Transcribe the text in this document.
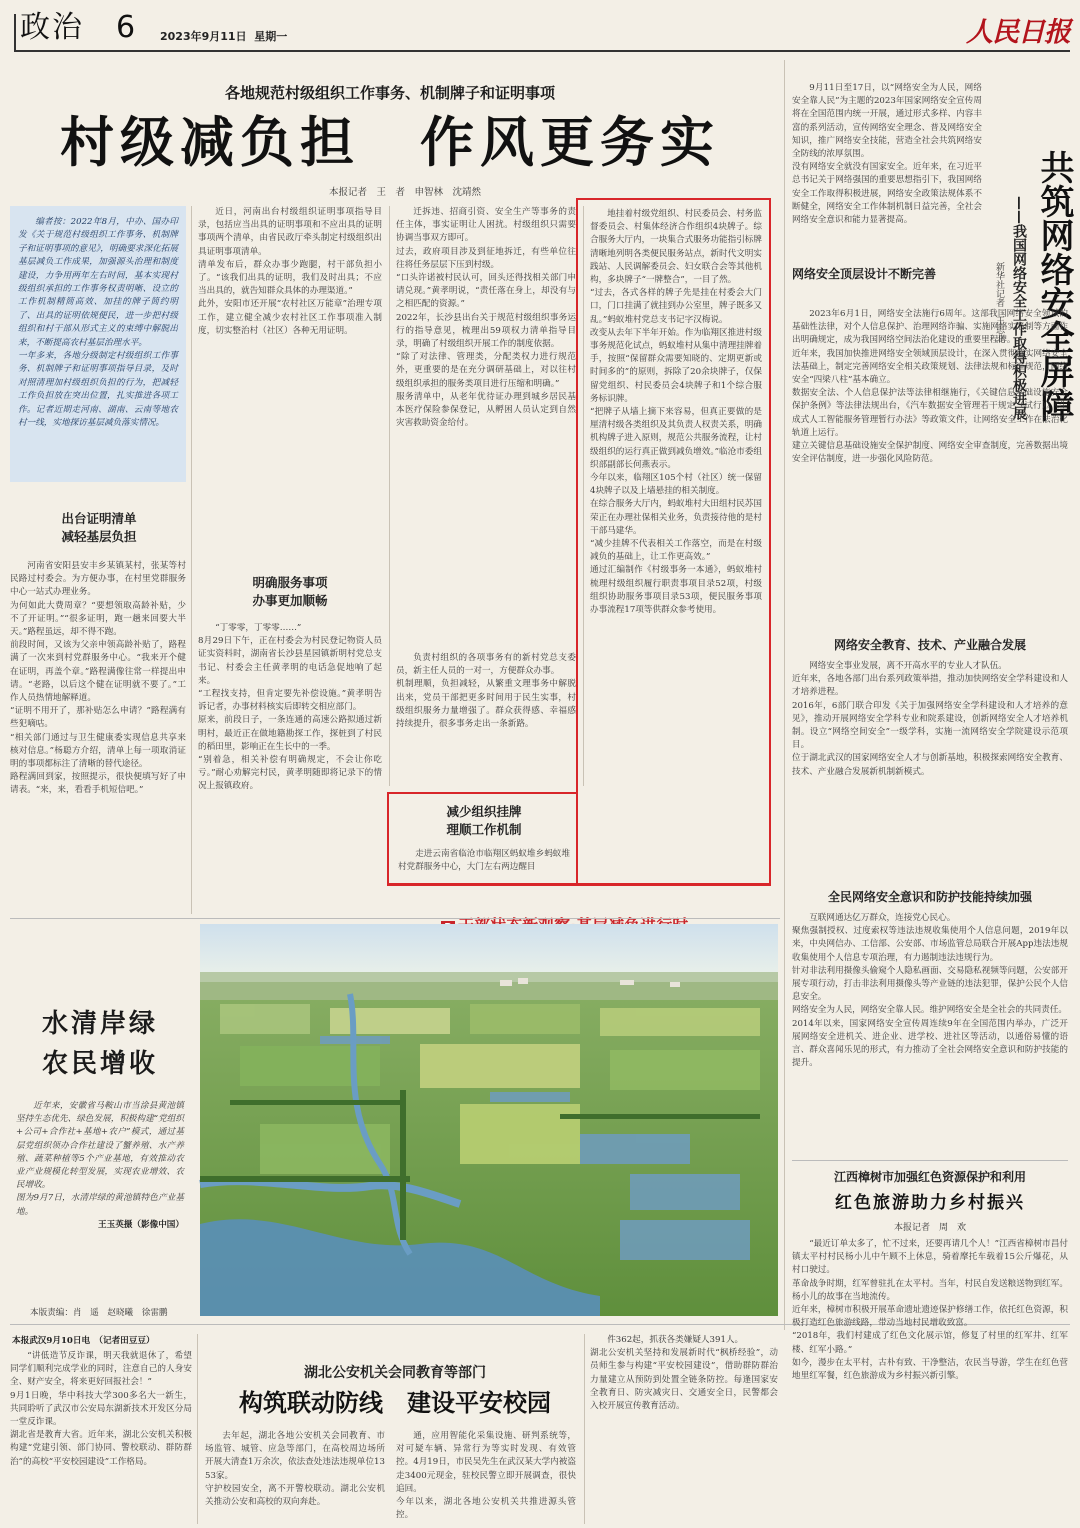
政治 6 2023年9月11日  星期一	人民日报
各地规范村级组织工作事务、机制牌子和证明事项
村级减负担　作风更务实
本报记者　王　者　申智林　沈靖然
编者按：2022年8月，中办、国办印发《关于规范村级组织工作事务、机制牌子和证明事项的意见》，明确要求深化拓展基层减负工作成果，加强源头治理和制度建设，力争用两年左右时间，基本实现村级组织承担的工作事务权责明晰、设立的工作机制精简高效、加挂的牌子简约明了、出具的证明依规便民，进一步把村级组织和村干部从形式主义的束缚中解脱出来，不断提高农村基层治理水平。
一年多来，各地分级制定村级组织工作事务、机制牌子和证明事项指导目录，及时对照清理加村级组织负担的行为，把减轻工作负担放在突出位置，扎实推进各项工作。记者近期走河南、湖南、云南等地农村一线，实地探访基层减负落实情况。
出台证明清单
减轻基层负担
河南省安阳县安丰乡某镇某村，张某等村民路过村委会。为方便办事，在村里党群服务中心一站式办理业务。
为何如此大费周章？“要想领取高龄补贴，少不了开证明。”“很多证明，跑一趟来回要大半天。”路程虽远，却不得不跑。
前段时间，又该为父亲申领高龄补贴了，路程满了一次来到村党群服务中心。“我来开个健在证明，再盖个章。”路程满像往常一样提出申请。“老路，以后这个健在证明就不要了。”工作人员热情地解释道。
“证明不用开了，那补贴怎么申请？”路程满有些犯嘀咕。
“相关部门通过与卫生健康委实现信息共享来核对信息。”杨聪方介绍，清单上每一项取消证明的事项都标注了清晰的替代途径。
路程满回到家，按照提示，很快便填写好了申请表。“来，来，看看手机短信吧。”
近日，河南出台村级组织证明事项指导目录，包括应当出具的证明事项和不应出具的证明事项两个清单，由省民政厅牵头制定村级组织出具证明事项清单。
清单发布后，群众办事少跑腿，村干部负担小了。“该我们出具的证明，我们及时出具；不应当出具的，就告知群众具体的办理渠道。”
此外，安阳市还开展“农村社区万能章”治理专项工作，建立健全减少农村社区工作事项准入制度，切实整治村（社区）各种无用证明。
明确服务事项
办事更加顺畅
“丁零零，丁零零……”
8月29日下午，正在村委会为村民登记物资人员证实资料时，湖南省长沙县星园镇新明村党总支书记、村委会主任黄孝明的电话急促地响了起来。
“工程找支持，但肯定要先补偿设施。”黄孝明告诉记者，办事材料核实后即转交相应部门。
原来，前段日子，一条连通的高速公路拟通过新明村，最近正在做地籍勘探工作，探桩到了村民的稻田里，影响正在生长中的一季。
“别着急，相关补偿有明确规定，不会让你吃亏。”耐心劝解完村民，黄孝明随即将记录下的情况上报镇政府。
迁拆违、招商引资、安全生产等事务的责任主体，事实证明让人困扰。村级组织只需要协调当事双方即可。
过去，政府项目涉及到征地拆迁，有些单位往往将任务层层下压到村级。
“口头许诺被村民认可，回头还得找相关部门申请兑现。”黄孝明说，“责任落在身上，却没有与之相匹配的资源。”
2022年，长沙县出台关于规范村级组织事务运行的指导意见，梳理出59项权力清单指导目录，明确了村级组织开展工作的制度依据。
“除了对法律、管理类，分配类权力进行规范外，更重要的是在充分调研基础上，对以往村级组织承担的服务类项目进行压缩和明确。”
服务清单中，从老年优待证办理到城乡居民基本医疗保险参保登记，从孵困人员认定到自然灾害救助资金给付。
负责村组织的各项事务有的新村党总支委员，新主任人员的一对一，方便群众办事。
机制理顺，负担减轻，从繁重文理事务中解脱出来，党员干部把更多时间用于民生实事，村级组织服务力量增强了。群众获得感、幸福感持续提升，很多事务走出一条新路。
减少组织挂牌
理顺工作机制
走进云南省临沧市临翔区蚂蚁堆乡蚂蚁堆村党群服务中心，大门左右两边醒目
地挂着村级党组织、村民委员会、村务监督委员会、村集体经济合作组织4块牌子。综合服务大厅内，一块集合式服务功能指引标牌清晰地列明各类便民服务站点，新时代文明实践站、人民调解委员会、妇女联合会等其他机构，多块牌子“一牌整合”，一目了然。
“过去，各式各样的牌子先是挂在村委会大门口，门口挂满了就挂到办公室里，牌子既多又乱。”蚂蚁堆村党总支书记字汉梅说。
改变从去年下半年开始。作为临翔区推进村级事务规范化试点，蚂蚁堆村从集中清理挂牌着手，按照“保留群众需要知晓的、定期更新或时间多的”的原则，拆除了20余块牌子，仅保留党组织、村民委员会4块牌子和1个综合服务标识牌。
“把牌子从墙上摘下来容易，但真正要做的是厘清村级各类组织及其负责人权责关系，明确机构牌子进入原则，规范公共服务流程，让村级组织的运行真正做到减负增效。”临沧市委组织部副部长何燕表示。
今年以来，临翔区105个村（社区）统一保留4块牌子以及上墙悬挂的相关制度。
在综合服务大厅内，蚂蚁堆村大田组村民苏国荣正在办理社保相关业务，负责接待他的是村干部马建华。
“减少挂牌不代表相关工作落空，而是在村级减负的基础上，让工作更高效。”
通过汇编制作《村级事务一本通》，蚂蚁堆村梳理村级组织履行职责事项目录52项，村级组织协助服务事项目录53项，便民服务事项办事流程17项等供群众参考使用。

水清岸绿
农民增收
近年来，安徽省马鞍山市当涂县黄池镇坚持生态优先、绿色发展，积极构建“党组织+公司+合作社+基地+农户”模式，通过基层党组织领办合作社建设了蟹养殖、水产养殖、蔬菜种植等5个产业基地，有效推动农业产业规模化转型发展，实现农业增效、农民增收。
图为9月7日，水清岸绿的黄池镇特色产业基地。
王玉英摄（影像中国）
本版责编：肖　遥　赵晓曦　徐雷鹏
9月11日至17日，以“网络安全为人民，网络安全靠人民”为主题的2023年国家网络安全宣传周将在全国范围内统一开展，通过形式多样、内容丰富的系列活动，宣传网络安全理念、普及网络安全知识，推广网络安全技能，营造全社会共筑网络安全防线的浓厚氛围。
没有网络安全就没有国家安全。近年来，在习近平总书记关于网络强国的重要思想指引下，我国网络安全工作取得积极进展，网络安全政策法规体系不断健全，网络安全工作体制机制日益完善，全社会网络安全意识和能力显著提高。	共筑网络安全屏障
——我国网络安全工作取得积极进展
新华社记者　王思北
网络安全顶层设计不断完善
2023年6月1日，网络安全法施行6周年。这部我国网络安全领域的基础性法律，对个人信息保护、治理网络诈骗、实施网络实名制等方面作出明确规定，成为我国网络空间法治化建设的重要里程碑。
近年来，我国加快推进网络安全领域顶层设计，在深入贯彻落实网络安全法基础上，制定完善网络安全相关政策规划、法律法规和标准规范，网络安全“四梁八柱”基本确立。
数据安全法、个人信息保护法等法律相继施行，《关键信息基础设施安全保护条例》等法律法规出台，《汽车数据安全管理若干规定（试行）》《生成式人工智能服务管理暂行办法》等政策文件，让网络安全工作在法治化轨道上运行。
建立关键信息基础设施安全保护制度、网络安全审查制度，完善数据出境安全评估制度，进一步强化风险防范。
网络安全教育、技术、产业融合发展
网络安全事业发展，离不开高水平的专业人才队伍。
近年来，各地各部门出台系列政策举措，推动加快网络安全学科建设和人才培养进程。
2016年，6部门联合印发《关于加强网络安全学科建设和人才培养的意见》，推动开展网络安全学科专业和院系建设，创新网络安全人才培养机制。设立“网络空间安全”一级学科，实施一流网络安全学院建设示范项目。
位于湖北武汉的国家网络安全人才与创新基地，积极探索网络安全教育、技术、产业融合发展新机制新模式。
全民网络安全意识和防护技能持续加强
互联网通达亿万群众，连接党心民心。
聚焦强制授权、过度索权等违法违规收集使用个人信息问题，2019年以来，中央网信办、工信部、公安部、市场监管总局联合开展App违法违规收集使用个人信息专项治理，有力遏制违法违规行为。
针对非法利用摄像头偷窥个人隐私画面、交易隐私视频等问题，公安部开展专项行动，打击非法利用摄像头等产业链的违法犯罪，保护公民个人信息安全。
网络安全为人民，网络安全靠人民。维护网络安全是全社会的共同责任。
2014年以来，国家网络安全宣传周连续9年在全国范围内举办，广泛开展网络安全进机关、进企业、进学校、进社区等活动，以通俗易懂的语言、群众喜闻乐见的形式，有力推动了全社会网络安全意识和防护技能的提升。
江西樟树市加强红色资源保护和利用
红色旅游助力乡村振兴
本报记者　周　欢
“最近订单太多了，忙不过来，还要再请几个人！”江西省樟树市昌付镇太平村村民杨小儿中午顾不上休息，骑着摩托车载着15公斤爆花，从村口驶过。
革命战争时期，红军曾驻扎在太平村。当年，村民自发送粮送物到红军。杨小儿的故事在当地流传。
近年来，樟树市积极开展革命遗址遗迹保护修缮工作，依托红色资源，积极打造红色旅游线路，带动当地村民增收致富。
“2018年，我们村建成了红色文化展示馆，修复了村里的红军井、红军楼、红军小路。”
如今，漫步在太平村，古朴有致、干净整洁，农民当导游，学生在红色营地里红军餐，红色旅游成为乡村振兴新引擎。
本报武汉9月10日电　（记者田豆豆）
“讲低造节反诈课，明天我就退休了，希望同学们顺利完成学业的同时，注意自己的人身安全、财产安全，将来更好回报社会！”
9月1日晚，华中科技大学300多名大一新生，共同聆听了武汉市公安局东湖新技术开发区分局一堂反诈课。
湖北省是教育大省。近年来，湖北公安机关积极构建“党建引领、部门协同、警校联动、群防群治”的高校“平安校园建设”工作格局。
湖北公安机关会同教育等部门
构筑联动防线　建设平安校园
去年起，湖北各地公安机关会同教育、市场监管、城管、应急等部门，在高校周边场所开展大清查1万余次，依法查处违法违规单位1353家。
守护校园安全，离不开警校联动。湖北公安机关推动公安和高校的双向奔赴。
通，应用智能化采集设施、研判系统等，对可疑车辆、异常行为等实时发现、有效管控。4月19日，市民吴先生在武汉某大学内被盗走3400元现金，驻校民警立即开展调查，很快追回。
今年以来，湖北各地公安机关共推进源头管控。
件362起，抓获各类嫌疑人391人。
湖北公安机关坚持和发展新时代“枫桥经验”，动员师生参与构建“平安校园建设”，借助群防群治力量建立从预防到处置全链条防控。每逢国家安全教育日、防灾减灾日、交通安全日，民警都会入校开展宣传教育活动。
